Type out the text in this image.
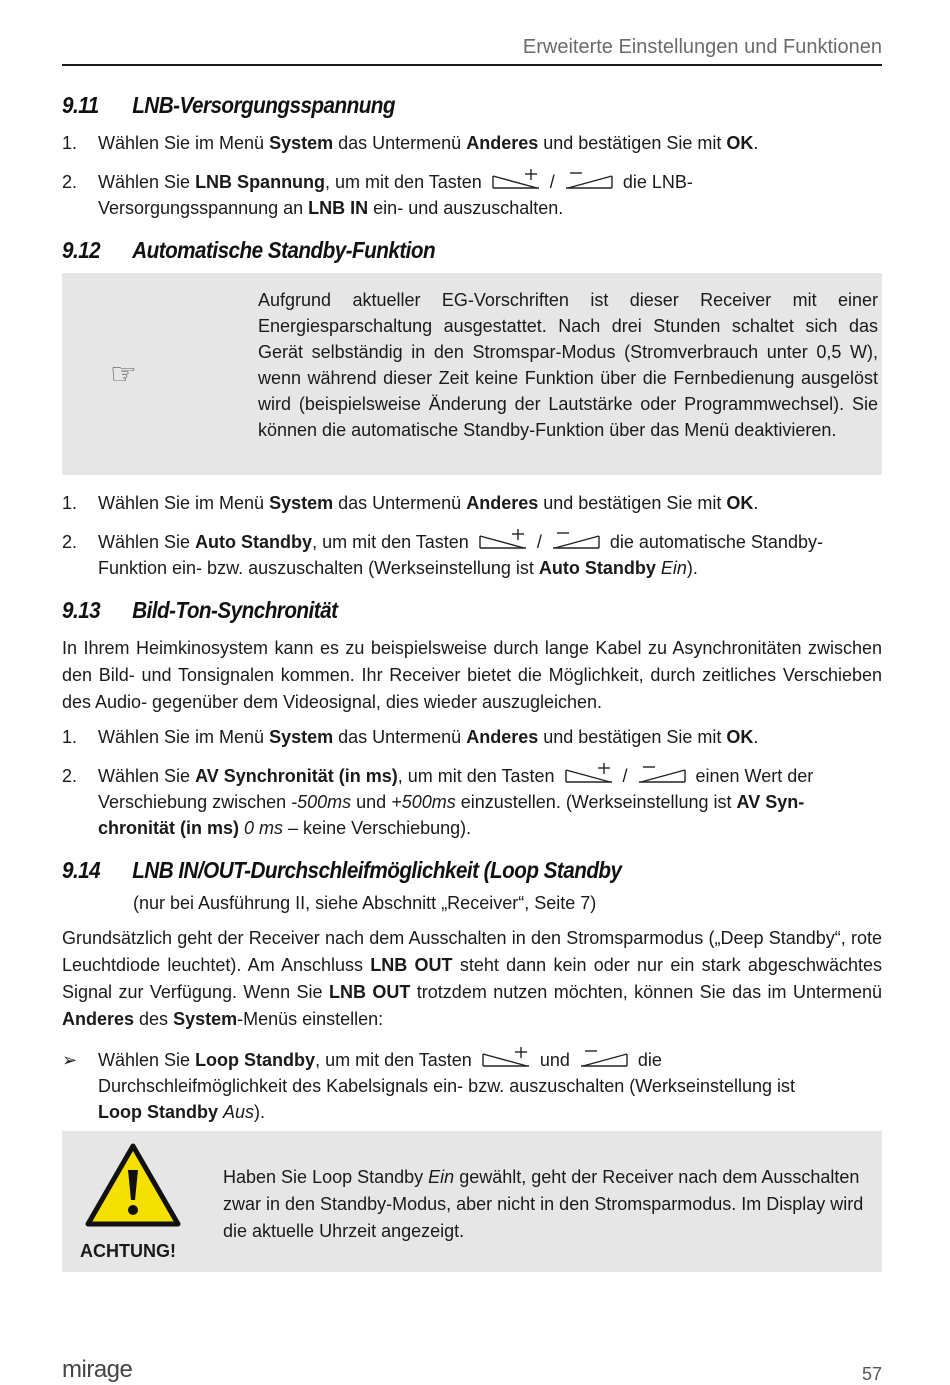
Erweiterte Einstellungen und Funktionen
9.11 LNB-Versorgungsspannung
1. Wählen Sie im Menü System das Untermenü Anderes und bestätigen Sie mit OK.
2. Wählen Sie LNB Spannung, um mit den Tasten	/	die LNB-
Versorgungsspannung an LNB IN ein- und auszuschalten.
9.12 Automatische Standby-Funktion
☞
Aufgrund aktueller EG-Vorschriften ist dieser Receiver mit einer Energiesparschaltung ausgestattet. Nach drei Stunden schaltet sich das Gerät selbständig in den Stromspar-Modus (Stromverbrauch unter 0,5 W), wenn während dieser Zeit keine Funktion über die Fernbedienung ausgelöst wird (beispielsweise Änderung der Lautstärke oder Programmwechsel). Sie können die automatische Standby-Funktion über das Menü deaktivieren.
1. Wählen Sie im Menü System das Untermenü Anderes und bestätigen Sie mit OK.
2. Wählen Sie Auto Standby, um mit den Tasten	/	die automatische Standby-
Funktion ein- bzw. auszuschalten (Werkseinstellung ist Auto Standby Ein).
9.13 Bild-Ton-Synchronität
In Ihrem Heimkinosystem kann es zu beispielsweise durch lange Kabel zu Asynchronitäten zwischen den Bild- und Tonsignalen kommen. Ihr Receiver bietet die Möglichkeit, durch zeitliches Verschieben des Audio- gegenüber dem Videosignal, dies wieder auszugleichen.
1. Wählen Sie im Menü System das Untermenü Anderes und bestätigen Sie mit OK.
2. Wählen Sie AV Synchronität (in ms), um mit den Tasten	/	einen Wert der
Verschiebung zwischen -500ms und +500ms einzustellen. (Werkseinstellung ist AV Syn-
chronität (in ms) 0 ms – keine Verschiebung).
9.14 LNB IN/OUT-Durchschleifmöglichkeit (Loop Standby
(nur bei Ausführung II, siehe Abschnitt „Receiver“, Seite 7)
Grundsätzlich geht der Receiver nach dem Ausschalten in den Stromsparmodus („Deep Standby“, rote Leuchtdiode leuchtet). Am Anschluss LNB OUT steht dann kein oder nur ein stark abgeschwächtes Signal zur Verfügung. Wenn Sie LNB OUT trotzdem nutzen möchten, können Sie das im Untermenü Anderes des System-Menüs einstellen:
➢ Wählen Sie Loop Standby, um mit den Tasten	und	die
Durchschleifmöglichkeit des Kabelsignals ein- bzw. auszuschalten (Werkseinstellung ist
Loop Standby Aus).
ACHTUNG!
Haben Sie Loop Standby Ein gewählt, geht der Receiver nach dem Ausschalten zwar in den Standby-Modus, aber nicht in den Stromsparmodus. Im Display wird die aktuelle Uhrzeit angezeigt.
mirage	57
